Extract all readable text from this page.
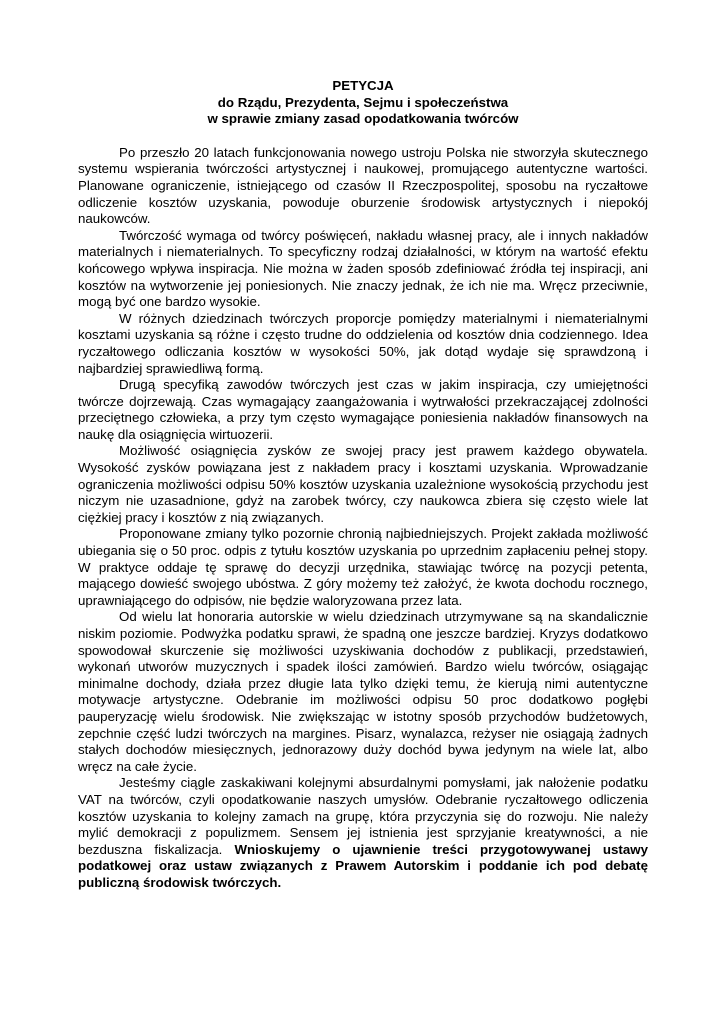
PETYCJA

do Rządu, Prezydenta, Sejmu i społeczeństwa

w sprawie zmiany zasad opodatkowania twórców

Po przeszło 20 latach funkcjonowania nowego ustroju Polska nie stworzyła skutecznego systemu wspierania twórczości artystycznej i naukowej, promującego autentyczne wartości. Planowane ograniczenie, istniejącego od czasów II Rzeczpospolitej, sposobu na ryczałtowe odliczenie kosztów uzyskania, powoduje oburzenie środowisk artystycznych i niepokój naukowców.

Twórczość wymaga od twórcy poświęceń, nakładu własnej pracy, ale i innych nakładów materialnych i niematerialnych. To specyficzny rodzaj działalności, w którym na wartość efektu końcowego wpływa inspiracja. Nie można w żaden sposób zdefiniować źródła tej inspiracji, ani kosztów na wytworzenie jej poniesionych. Nie znaczy jednak, że ich nie ma. Wręcz przeciwnie, mogą być one bardzo wysokie.

W różnych dziedzinach twórczych proporcje pomiędzy materialnymi i niematerialnymi kosztami uzyskania są różne i często trudne do oddzielenia od kosztów dnia codziennego. Idea ryczałtowego odliczania kosztów w wysokości 50%, jak dotąd wydaje się sprawdzoną i najbardziej sprawiedliwą formą.

Drugą specyfiką zawodów twórczych jest czas w jakim inspiracja, czy umiejętności twórcze dojrzewają. Czas wymagający zaangażowania i wytrwałości przekraczającej zdolności przeciętnego człowieka, a przy tym często wymagające poniesienia nakładów finansowych na naukę dla osiągnięcia wirtuozerii.

Możliwość osiągnięcia zysków ze swojej pracy jest prawem każdego obywatela. Wysokość zysków powiązana jest z nakładem pracy i kosztami uzyskania. Wprowadzanie ograniczenia możliwości odpisu 50% kosztów uzyskania uzależnione wysokością przychodu jest niczym nie uzasadnione, gdyż na zarobek twórcy, czy naukowca zbiera się często wiele lat ciężkiej pracy i kosztów z nią związanych.

Proponowane zmiany tylko pozornie chronią najbiedniejszych. Projekt zakłada możliwość ubiegania się o 50 proc. odpis z tytułu kosztów uzyskania po uprzednim zapłaceniu pełnej stopy. W praktyce oddaje tę sprawę do decyzji urzędnika, stawiając twórcę na pozycji petenta, mającego dowieść swojego ubóstwa. Z góry możemy też założyć, że kwota dochodu rocznego, uprawniającego do odpisów, nie będzie waloryzowana przez lata.

Od wielu lat honoraria autorskie w wielu dziedzinach utrzymywane są na skandalicznie niskim poziomie. Podwyżka podatku sprawi, że spadną one jeszcze bardziej. Kryzys dodatkowo spowodował skurczenie się możliwości uzyskiwania dochodów z publikacji, przedstawień, wykonań utworów muzycznych i spadek ilości zamówień. Bardzo wielu twórców, osiągając minimalne dochody, działa przez długie lata tylko dzięki temu, że kierują nimi autentyczne motywacje artystyczne. Odebranie im możliwości odpisu 50 proc dodatkowo pogłębi pauperyzację wielu środowisk. Nie zwiększając w istotny sposób przychodów budżetowych, zepchnie część ludzi twórczych na margines. Pisarz, wynalazca, reżyser nie osiągają żadnych stałych dochodów miesięcznych, jednorazowy duży dochód bywa jedynym na wiele lat, albo wręcz na całe życie.

Jesteśmy ciągle zaskakiwani kolejnymi absurdalnymi pomysłami, jak nałożenie podatku VAT na twórców, czyli opodatkowanie naszych umysłów. Odebranie ryczałtowego odliczenia kosztów uzyskania to kolejny zamach na grupę, która przyczynia się do rozwoju. Nie należy mylić demokracji z populizmem. Sensem jej istnienia jest sprzyjanie kreatywności, a nie bezduszna fiskalizacja. Wnioskujemy o ujawnienie treści przygotowywanej ustawy podatkowej oraz ustaw związanych z Prawem Autorskim i poddanie ich pod debatę publiczną środowisk twórczych.
